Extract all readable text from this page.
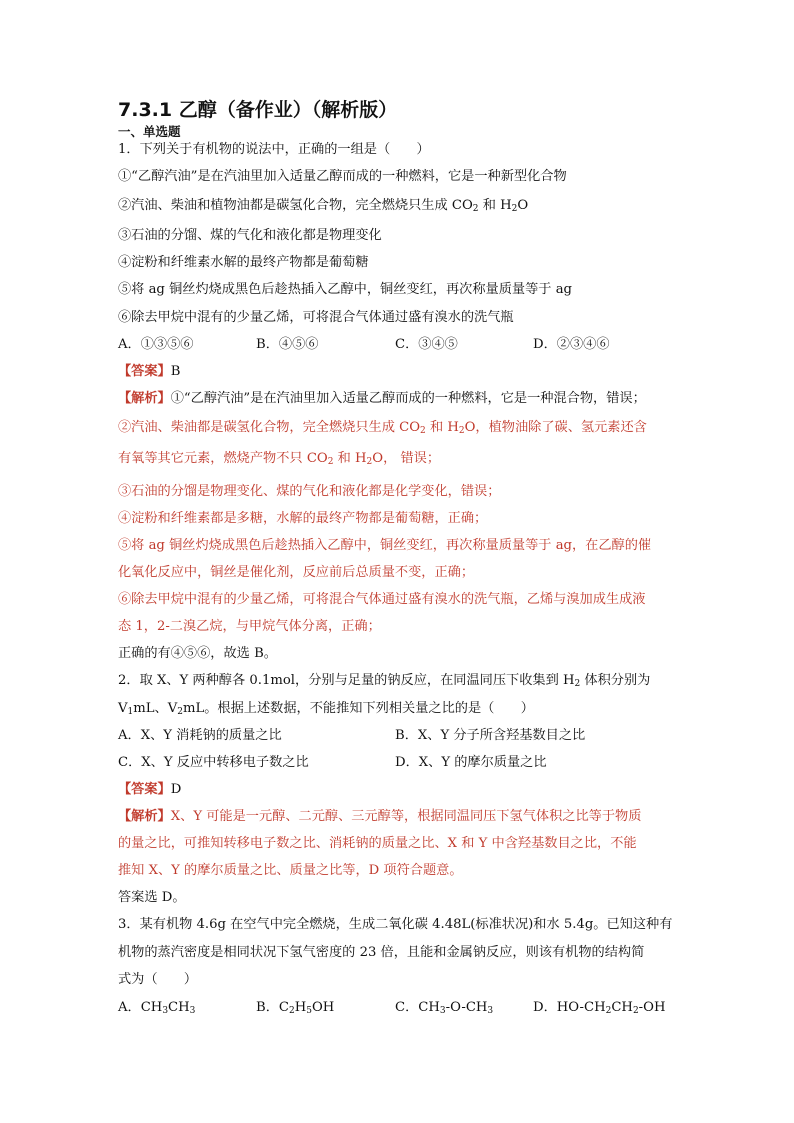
7.3.1 乙醇（备作业）（解析版）
一、单选题
1．下列关于有机物的说法中，正确的一组是（　　）
①“乙醇汽油”是在汽油里加入适量乙醇而成的一种燃料，它是一种新型化合物
②汽油、柴油和植物油都是碳氢化合物，完全燃烧只生成 $CO_2$ 和 $H_2O$
③石油的分馏、煤的气化和液化都是物理变化
④淀粉和纤维素水解的最终产物都是葡萄糖
⑤将 ag 铜丝灼烧成黑色后趁热插入乙醇中，铜丝变红，再次称量质量等于 ag
⑥除去甲烷中混有的少量乙烯，可将混合气体通过盛有溴水的洗气瓶
A．①③⑤⑥	B．④⑤⑥	C．③④⑤	D．②③④⑥
【答案】B
【解析】①“乙醇汽油”是在汽油里加入适量乙醇而成的一种燃料，它是一种混合物，错误；
②汽油、柴油都是碳氢化合物，完全燃烧只生成 $CO_2$ 和 $H_2O$，植物油除了碳、氢元素还含
有氧等其它元素，燃烧产物不只 $CO_2$ 和 $H_2O$， 错误；
③石油的分馏是物理变化、煤的气化和液化都是化学变化，错误；
④淀粉和纤维素都是多糖，水解的最终产物都是葡萄糖，正确；
⑤将 ag 铜丝灼烧成黑色后趁热插入乙醇中，铜丝变红，再次称量质量等于 ag，在乙醇的催
化氧化反应中，铜丝是催化剂，反应前后总质量不变，正确；
⑥除去甲烷中混有的少量乙烯，可将混合气体通过盛有溴水的洗气瓶，乙烯与溴加成生成液
态 1，2-二溴乙烷，与甲烷气体分离，正确；
正确的有④⑤⑥，故选 B。
2．取 X、Y 两种醇各 0.1mol，分别与足量的钠反应，在同温同压下收集到 $H_2$ 体积分别为
$V_1mL$、$V_2mL$。根据上述数据，不能推知下列相关量之比的是（　　）
A．X、Y 消耗钠的质量之比	B．X、Y 分子所含羟基数目之比
C．X、Y 反应中转移电子数之比	D．X、Y 的摩尔质量之比
【答案】D
【解析】X、Y 可能是一元醇、二元醇、三元醇等，根据同温同压下氢气体积之比等于物质
的量之比，可推知转移电子数之比、消耗钠的质量之比、X 和 Y 中含羟基数目之比，不能
推知 X、Y 的摩尔质量之比、质量之比等，D 项符合题意。
答案选 D。
3．某有机物 4.6g 在空气中完全燃烧，生成二氧化碳 4.48L(标准状况)和水 5.4g。已知这种有
机物的蒸汽密度是相同状况下氢气密度的 23 倍，且能和金属钠反应，则该有机物的结构简
式为（　　）
A．$CH_3CH_3$	B．$C_2H_5OH$	C．$CH_3-O-CH_3$	D．$HO-CH_2CH_2-OH$
